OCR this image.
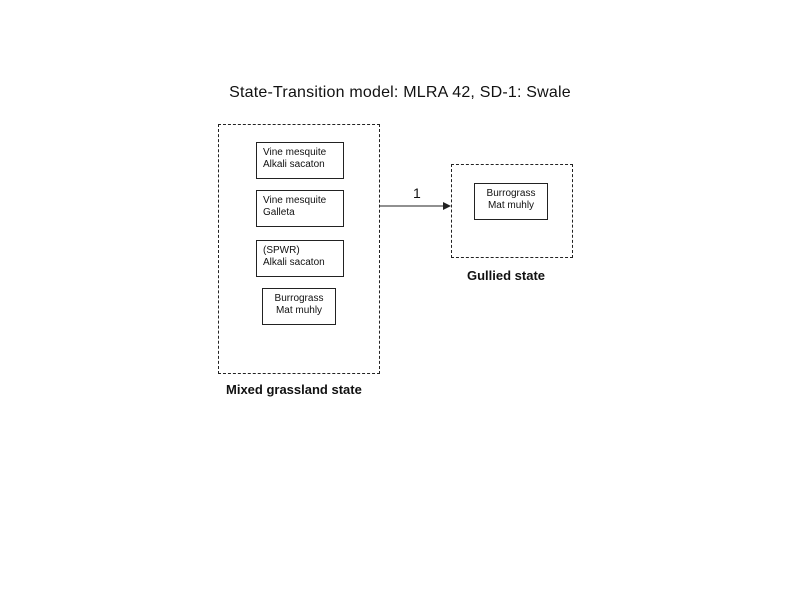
State-Transition model: MLRA 42, SD-1: Swale
Vine mesquite
Alkali sacaton
Vine mesquite
Galleta
(SPWR)
Alkali sacaton
Burrograss
Mat muhly
Mixed grassland state
1	Burrograss
Mat muhly
Gullied state
